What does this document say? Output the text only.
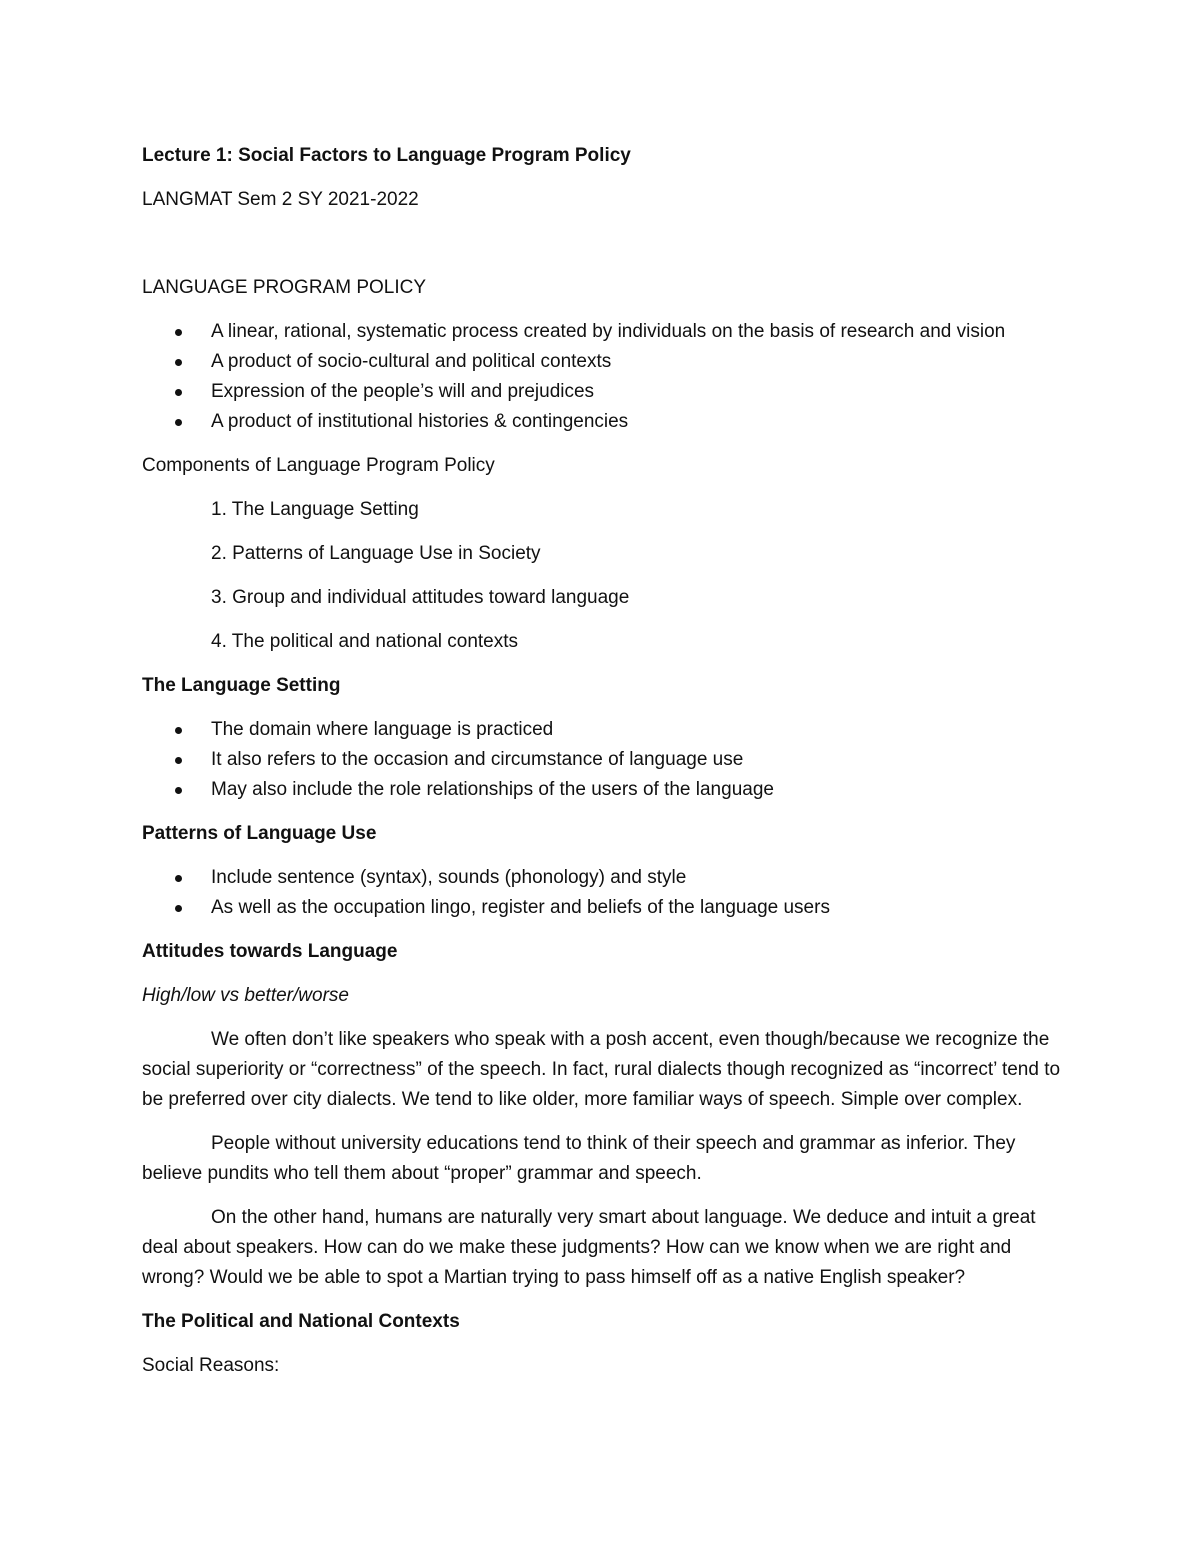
Lecture 1: Social Factors to Language Program Policy

LANGMAT Sem 2 SY 2021-2022

LANGUAGE PROGRAM POLICY

A linear, rational, systematic process created by individuals on the basis of research and vision
A product of socio-cultural and political contexts
Expression of the people’s will and prejudices
A product of institutional histories & contingencies

Components of Language Program Policy

1. The Language Setting
2. Patterns of Language Use in Society
3. Group and individual attitudes toward language
4. The political and national contexts

The Language Setting

The domain where language is practiced
It also refers to the occasion and circumstance of language use
May also include the role relationships of the users of the language

Patterns of Language Use

Include sentence (syntax), sounds (phonology) and style
As well as the occupation lingo, register and beliefs of the language users

Attitudes towards Language

High/low vs better/worse

We often don’t like speakers who speak with a posh accent, even though/because we recognize the social superiority or “correctness” of the speech. In fact, rural dialects though recognized as “incorrect’ tend to be preferred over city dialects. We tend to like older, more familiar ways of speech. Simple over complex.

People without university educations tend to think of their speech and grammar as inferior. They believe pundits who tell them about “proper” grammar and speech.

On the other hand, humans are naturally very smart about language. We deduce and intuit a great deal about speakers. How can do we make these judgments? How can we know when we are right and wrong? Would we be able to spot a Martian trying to pass himself off as a native English speaker?

The Political and National Contexts

Social Reasons:
